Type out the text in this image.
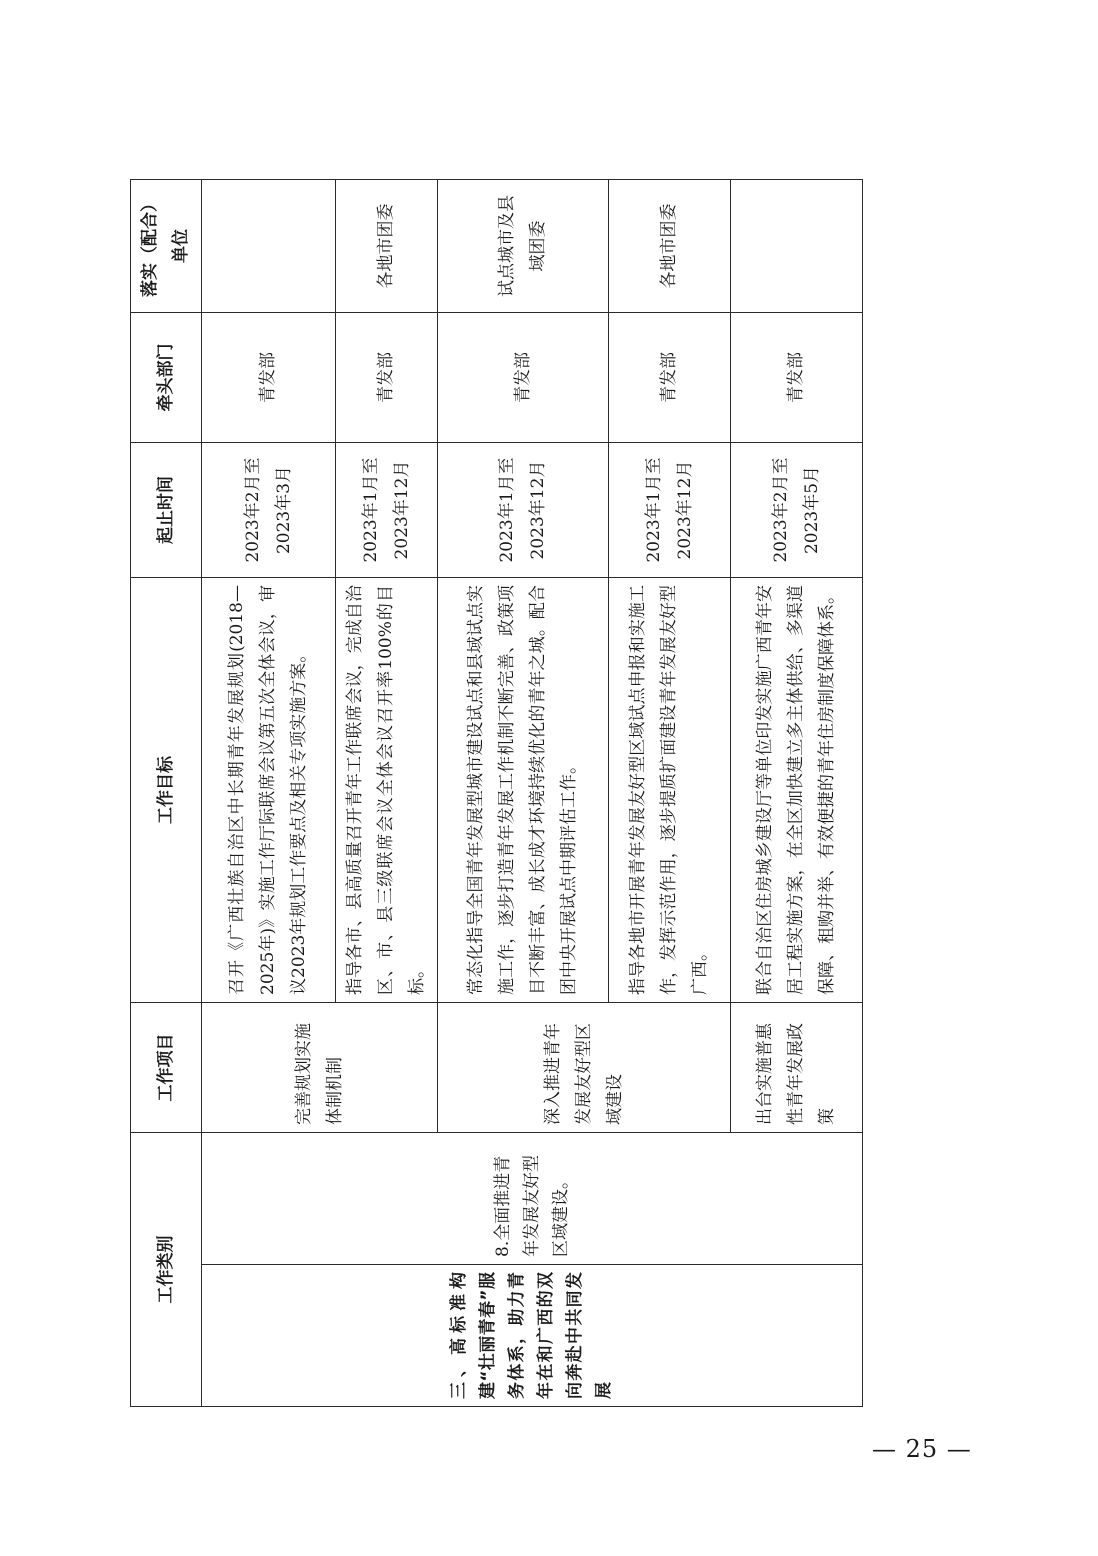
工作类别		工作项目	工作目标	起止时间	牵头部门	落实（配合）单位
三、高标准构建“壮丽青春”服务体系，助力青年在和广西的双向奔赴中共同发展	8.全面推进青年发展友好型区域建设。	完善规划实施体制机制	召开《广西壮族自治区中长期青年发展规划(2018—2025年)》实施工作厅际联席会议第五次全体会议，审议2023年规划工作要点及相关专项实施方案。	2023年2月至2023年3月	青发部	
			指导各市、县高质量召开青年工作联席会议，完成自治区、市、县三级联席会议全体会议召开率100%的目标。	2023年1月至2023年12月	青发部	各地市团委
		深入推进青年发展友好型区域建设	常态化指导全国青年发展型城市建设试点和县域试点实施工作，逐步打造青年发展工作机制不断完善、政策项目不断丰富、成长成才环境持续优化的青年之城。配合团中央开展试点中期评估工作。	2023年1月至2023年12月	青发部	试点城市及县域团委
			指导各地市开展青年发展友好型区域试点申报和实施工作，发挥示范作用，逐步提质扩面建设青年发展友好型广西。	2023年1月至2023年12月	青发部	各地市团委
		出台实施普惠性青年发展政策	联合自治区住房城乡建设厅等单位印发实施广西青年安居工程实施方案，在全区加快建立多主体供给、多渠道保障、租购并举、有效便捷的青年住房制度保障体系。	2023年2月至2023年5月	青发部	
— 25 —
